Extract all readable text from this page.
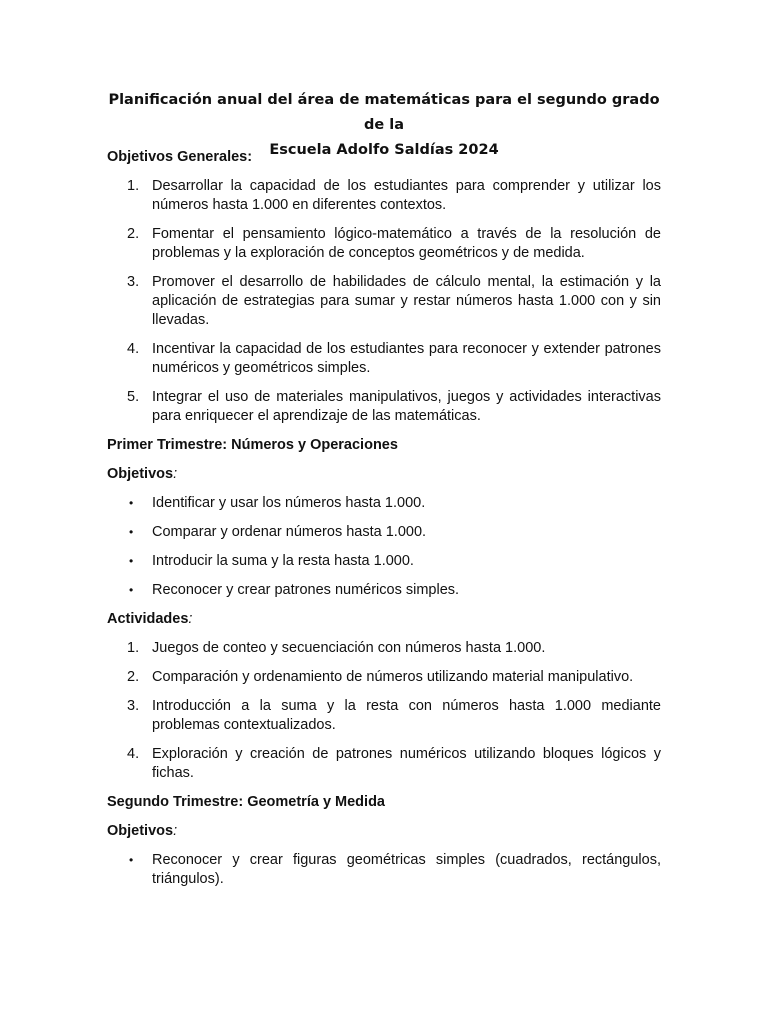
Planificación anual del área de matemáticas para el segundo grado de la
Escuela Adolfo Saldías 2024
Objetivos Generales:
1. Desarrollar la capacidad de los estudiantes para comprender y utilizar los números hasta 1.000 en diferentes contextos.
2. Fomentar el pensamiento lógico-matemático a través de la resolución de problemas y la exploración de conceptos geométricos y de medida.
3. Promover el desarrollo de habilidades de cálculo mental, la estimación y la aplicación de estrategias para sumar y restar números hasta 1.000 con y sin llevadas.
4. Incentivar la capacidad de los estudiantes para reconocer y extender patrones numéricos y geométricos simples.
5. Integrar el uso de materiales manipulativos, juegos y actividades interactivas para enriquecer el aprendizaje de las matemáticas.
Primer Trimestre: Números y Operaciones
Objetivos:
• Identificar y usar los números hasta 1.000.
• Comparar y ordenar números hasta 1.000.
• Introducir la suma y la resta hasta 1.000.
• Reconocer y crear patrones numéricos simples.
Actividades:
1. Juegos de conteo y secuenciación con números hasta 1.000.
2. Comparación y ordenamiento de números utilizando material manipulativo.
3. Introducción a la suma y la resta con números hasta 1.000 mediante problemas contextualizados.
4. Exploración y creación de patrones numéricos utilizando bloques lógicos y fichas.
Segundo Trimestre: Geometría y Medida
Objetivos:
• Reconocer y crear figuras geométricas simples (cuadrados, rectángulos, triángulos).
